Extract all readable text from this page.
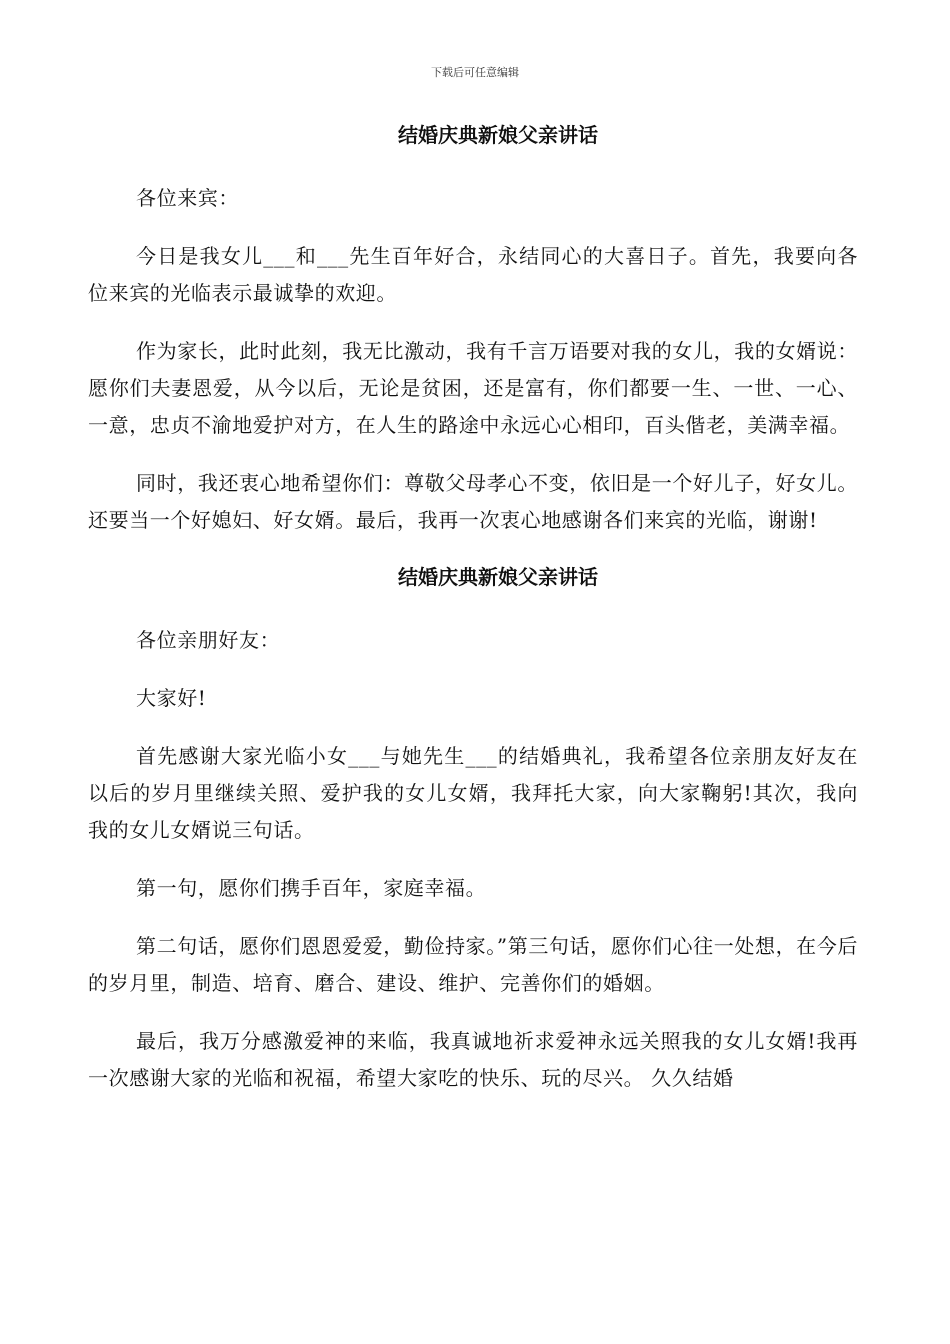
下载后可任意编辑
结婚庆典新娘父亲讲话

各位来宾：

今日是我女儿___和___先生百年好合，永结同心的大喜日子。首先，我要向各位来宾的光临表示最诚挚的欢迎。

作为家长，此时此刻，我无比激动，我有千言万语要对我的女儿，我的女婿说：愿你们夫妻恩爱，从今以后，无论是贫困，还是富有，你们都要一生、一世、一心、一意，忠贞不渝地爱护对方，在人生的路途中永远心心相印，百头偕老，美满幸福。

同时，我还衷心地希望你们：尊敬父母孝心不变，依旧是一个好儿子，好女儿。还要当一个好媳妇、好女婿。最后，我再一次衷心地感谢各们来宾的光临，谢谢!

结婚庆典新娘父亲讲话

各位亲朋好友：

大家好!

首先感谢大家光临小女___与她先生___的结婚典礼，我希望各位亲朋友好友在以后的岁月里继续关照、爱护我的女儿女婿，我拜托大家，向大家鞠躬!其次，我向我的女儿女婿说三句话。

第一句，愿你们携手百年，家庭幸福。

第二句话，愿你们恩恩爱爱，勤俭持家。”第三句话，愿你们心往一处想，在今后的岁月里，制造、培育、磨合、建设、维护、完善你们的婚姻。

最后，我万分感激爱神的来临，我真诚地祈求爱神永远关照我的女儿女婿!我再一次感谢大家的光临和祝福，希望大家吃的快乐、玩的尽兴。 久久结婚
